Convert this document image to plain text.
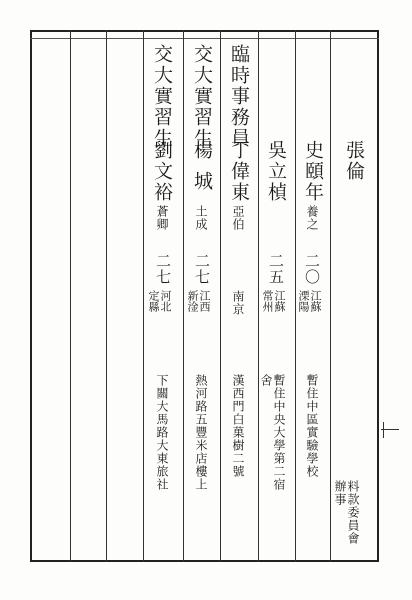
張倫
史頤年
養之
二〇
江蘇
溧陽
暫住中區實驗學校
吳立楨
二五
江蘇
常州
暫住中央大學第二宿
舍
臨時事務員
丁偉東
亞伯
南京
漢西門白菓樹二號
交大實習生
楊城
土成
二七
江西
新淦
熱河路五豐米店樓上
交大實習生
劉文裕
蒼卿
二七
河北
定縣
下關大馬路大東旅社
料款委員會
辦事
